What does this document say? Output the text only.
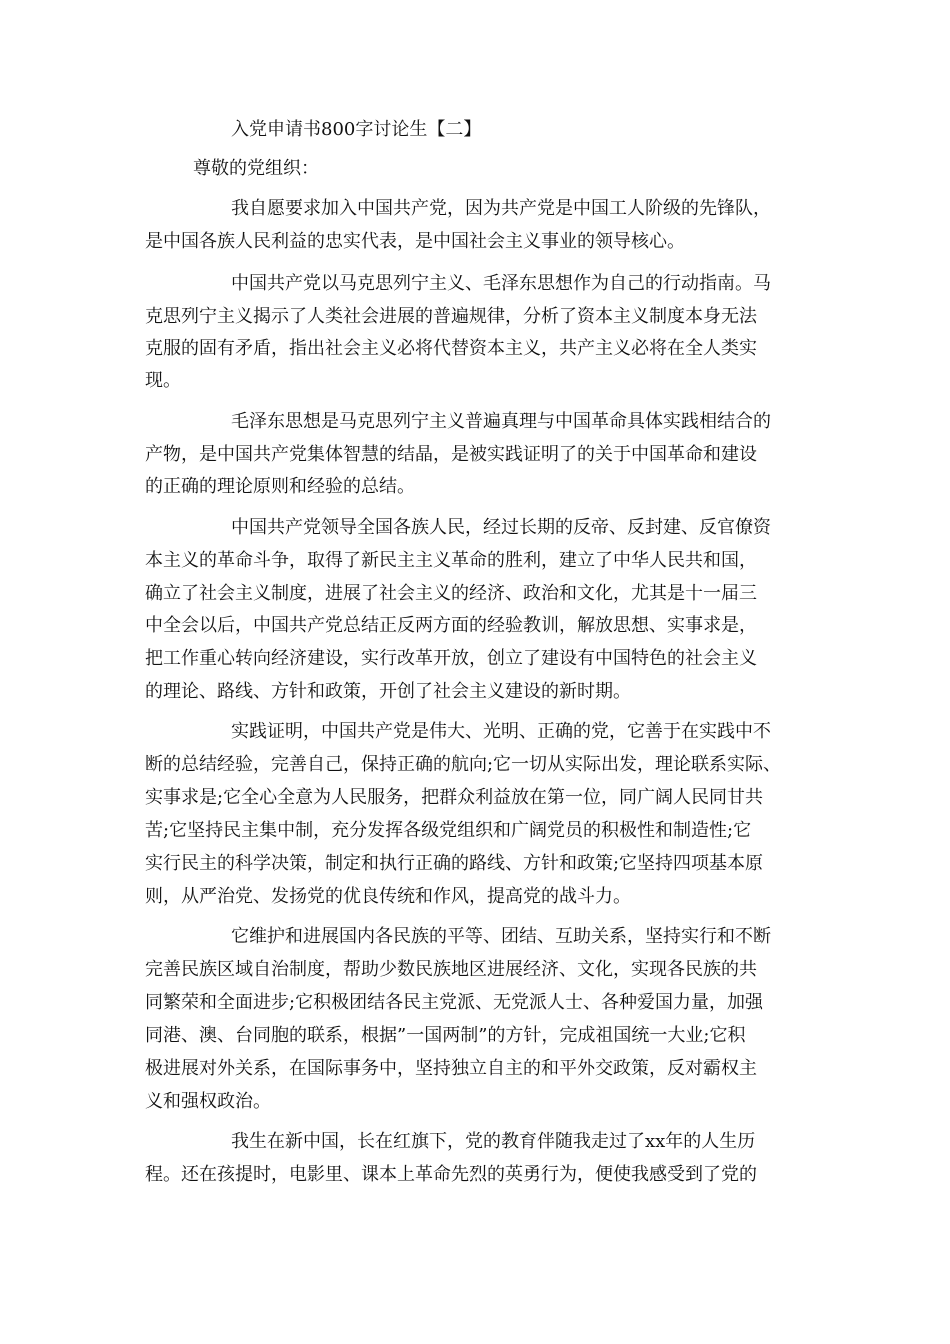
入党申请书800字讨论生【二】
尊敬的党组织：
我自愿要求加入中国共产党，因为共产党是中国工人阶级的先锋队，
是中国各族人民利益的忠实代表，是中国社会主义事业的领导核心。
中国共产党以马克思列宁主义、毛泽东思想作为自己的行动指南。马
克思列宁主义揭示了人类社会进展的普遍规律，分析了资本主义制度本身无法
克服的固有矛盾，指出社会主义必将代替资本主义，共产主义必将在全人类实
现。
毛泽东思想是马克思列宁主义普遍真理与中国革命具体实践相结合的
产物，是中国共产党集体智慧的结晶，是被实践证明了的关于中国革命和建设
的正确的理论原则和经验的总结。
中国共产党领导全国各族人民，经过长期的反帝、反封建、反官僚资
本主义的革命斗争，取得了新民主主义革命的胜利，建立了中华人民共和国，
确立了社会主义制度，进展了社会主义的经济、政治和文化，尤其是十一届三
中全会以后，中国共产党总结正反两方面的经验教训，解放思想、实事求是，
把工作重心转向经济建设，实行改革开放，创立了建设有中国特色的社会主义
的理论、路线、方针和政策，开创了社会主义建设的新时期。
实践证明，中国共产党是伟大、光明、正确的党，它善于在实践中不
断的总结经验，完善自己，保持正确的航向;它一切从实际出发，理论联系实际、
实事求是;它全心全意为人民服务，把群众利益放在第一位，同广阔人民同甘共
苦;它坚持民主集中制，充分发挥各级党组织和广阔党员的积极性和制造性;它
实行民主的科学决策，制定和执行正确的路线、方针和政策;它坚持四项基本原
则，从严治党、发扬党的优良传统和作风，提高党的战斗力。
它维护和进展国内各民族的平等、团结、互助关系，坚持实行和不断
完善民族区域自治制度，帮助少数民族地区进展经济、文化，实现各民族的共
同繁荣和全面进步;它积极团结各民主党派、无党派人士、各种爱国力量，加强
同港、澳、台同胞的联系，根据”一国两制”的方针，完成祖国统一大业;它积
极进展对外关系，在国际事务中，坚持独立自主的和平外交政策，反对霸权主
义和强权政治。
我生在新中国，长在红旗下，党的教育伴随我走过了xx年的人生历
程。还在孩提时，电影里、课本上革命先烈的英勇行为，便使我感受到了党的
